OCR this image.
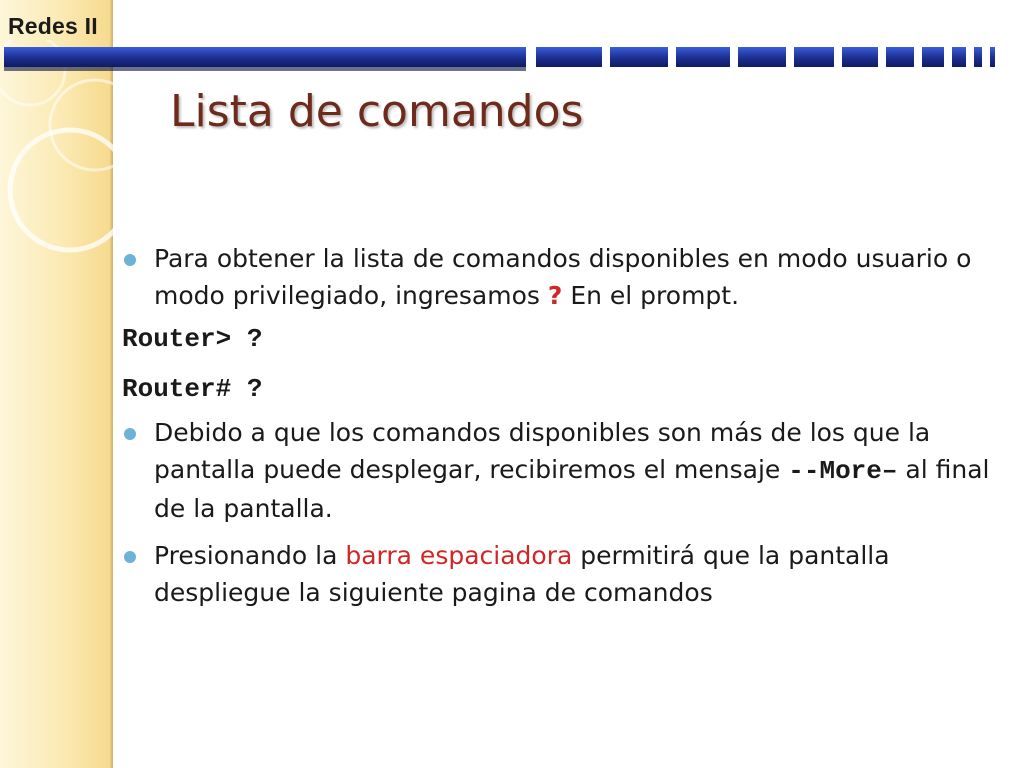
Redes II
Lista de comandos
Para obtener la lista de comandos disponibles en modo usuario o modo privilegiado, ingresamos ? En el prompt.
Router> ?
Router# ?
Debido a que los comandos disponibles son más de los que la pantalla puede desplegar, recibiremos el mensaje --More– al final de la pantalla.
Presionando la barra espaciadora permitirá que la pantalla despliegue la siguiente pagina de comandos
